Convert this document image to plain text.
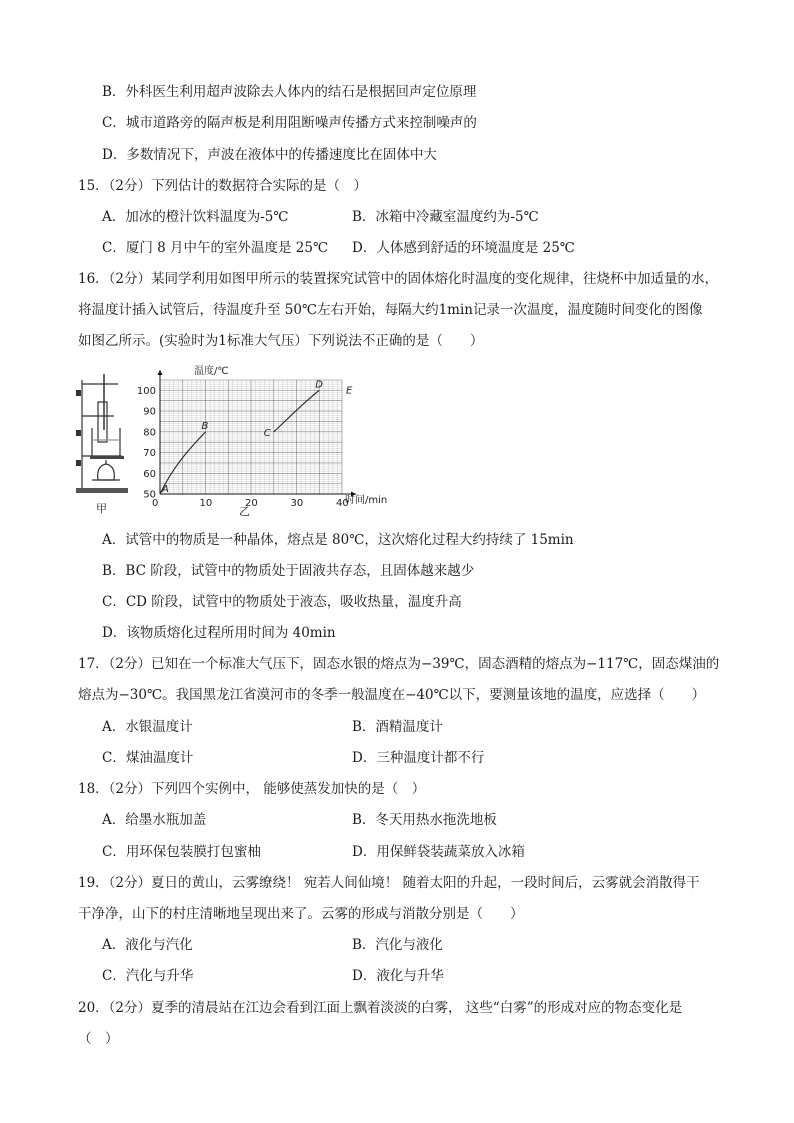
B．外科医生利用超声波除去人体内的结石是根据回声定位原理
C．城市道路旁的隔声板是利用阻断噪声传播方式来控制噪声的
D．多数情况下，声波在液体中的传播速度比在固体中大
15．（2分）下列估计的数据符合实际的是（　）
A．加冰的橙汁饮料温度为-5℃	B．冰箱中冷藏室温度约为-5℃
C．厦门 8 月中午的室外温度是 25℃ D．人体感到舒适的环境温度是 25℃
16．（2分）某同学利用如图甲所示的装置探究试管中的固体熔化时温度的变化规律，往烧杯中加适量的水，
将温度计插入试管后，待温度升至 50℃左右开始，每隔大约1min记录一次温度，温度随时间变化的图像
如图乙所示。(实验时为1标准大气压）下列说法不正确的是（　　）
甲	0	10	20	30	40
50
60
70
80
90
100
A
B
C
D
E
温度/℃
时间/min
乙
A．试管中的物质是一种晶体，熔点是 80℃，这次熔化过程大约持续了 15min
B．BC 阶段，试管中的物质处于固液共存态，且固体越来越少
C．CD 阶段，试管中的物质处于液态，吸收热量，温度升高
D．该物质熔化过程所用时间为 40min
17．（2分）已知在一个标准大气压下，固态水银的熔点为−39℃，固态酒精的熔点为−117℃，固态煤油的
熔点为−30℃。我国黑龙江省漠河市的冬季一般温度在−40℃以下，要测量该地的温度，应选择（　　）
A．水银温度计	B．酒精温度计
C．煤油温度计	D．三种温度计都不行
18．（2分）下列四个实例中， 能够使蒸发加快的是（　）
A．给墨水瓶加盖	B．冬天用热水拖洗地板
C．用环保包装膜打包蜜柚	D．用保鲜袋装蔬菜放入冰箱
19．（2分）夏日的黄山，云雾缭绕！ 宛若人间仙境！ 随着太阳的升起，一段时间后，云雾就会消散得干
干净净，山下的村庄清晰地呈现出来了。云雾的形成与消散分别是（　　）
A．液化与汽化	B．汽化与液化
C．汽化与升华	D．液化与升华
20．（2分）夏季的清晨站在江边会看到江面上飘着淡淡的白雾， 这些“白雾”的形成对应的物态变化是
（　）
